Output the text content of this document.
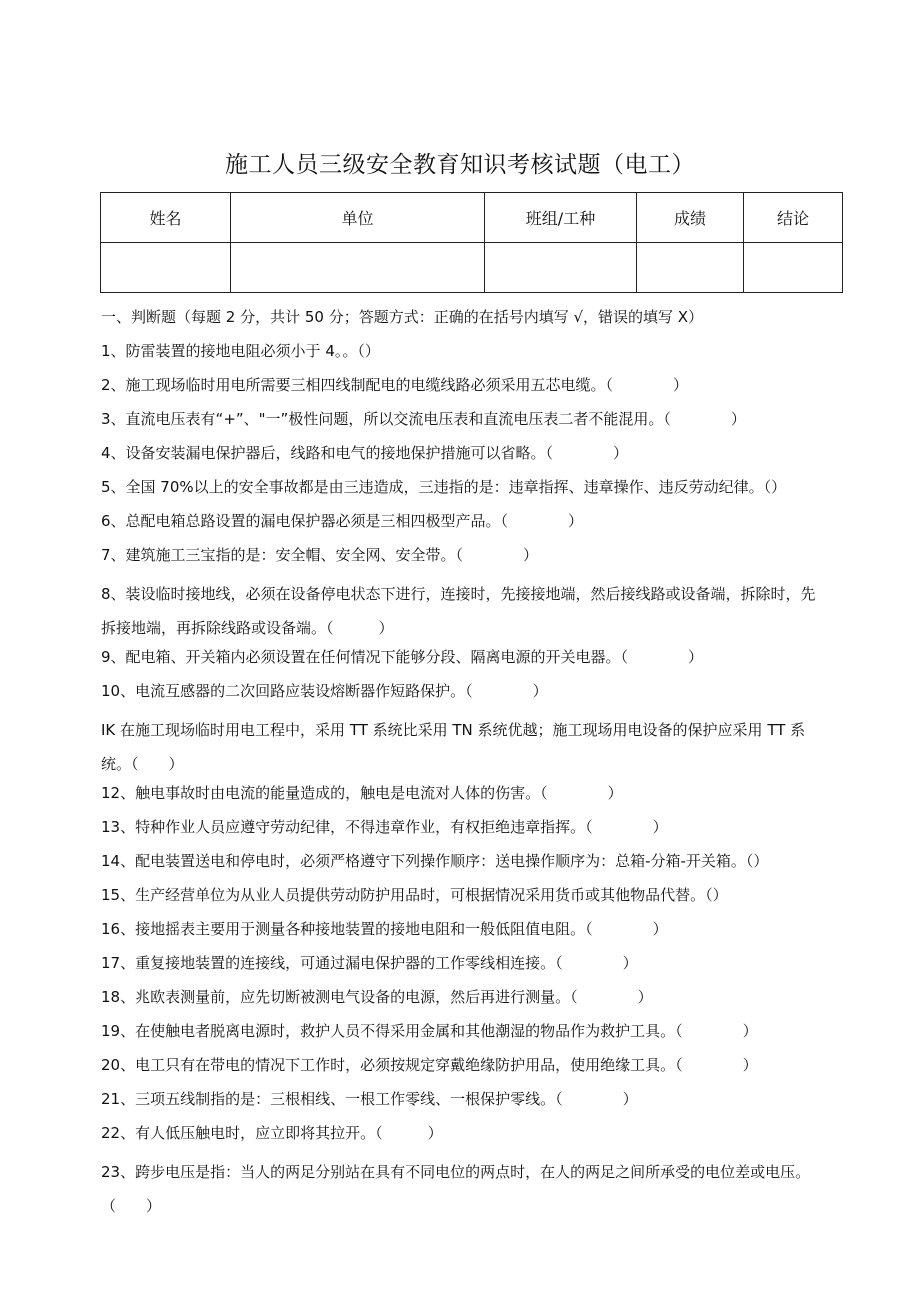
施工人员三级安全教育知识考核试题（电工）
姓名	单位	班组/工种	成绩	结论

一、判断题（每题 2 分，共计 50 分；答题方式：正确的在括号内填写 √，错误的填写 X）
1、防雷装置的接地电阻必须小于 4。。（）
2、施工现场临时用电所需要三相四线制配电的电缆线路必须采用五芯电缆。（　　　　）
3、直流电压表有“+”、"一”极性问题，所以交流电压表和直流电压表二者不能混用。（　　　　）
4、设备安装漏电保护器后，线路和电气的接地保护措施可以省略。（　　　　）
5、全国 70%以上的安全事故都是由三违造成，三违指的是：违章指挥、违章操作、违反劳动纪律。（）
6、总配电箱总路设置的漏电保护器必须是三相四极型产品。（　　　　）
7、建筑施工三宝指的是：安全帽、安全网、安全带。（　　　　）
8、装设临时接地线，必须在设备停电状态下进行，连接时，先接接地端，然后接线路或设备端，拆除时，先拆接地端，再拆除线路或设备端。（　　　）
9、配电箱、开关箱内必须设置在任何情况下能够分段、隔离电源的开关电器。（　　　　）
10、电流互感器的二次回路应装设熔断器作短路保护。（　　　　）
IK 在施工现场临时用电工程中，采用 TT 系统比采用 TN 系统优越；施工现场用电设备的保护应采用 TT 系统。（　　）
12、触电事故时由电流的能量造成的，触电是电流对人体的伤害。（　　　　）
13、特种作业人员应遵守劳动纪律，不得违章作业，有权拒绝违章指挥。（　　　　）
14、配电装置送电和停电时，必须严格遵守下列操作顺序：送电操作顺序为：总箱-分箱-开关箱。（）
15、生产经营单位为从业人员提供劳动防护用品时，可根据情况采用货币或其他物品代替。（）
16、接地摇表主要用于测量各种接地装置的接地电阻和一般低阻值电阻。（　　　　）
17、重复接地装置的连接线，可通过漏电保护器的工作零线相连接。（　　　　）
18、兆欧表测量前，应先切断被测电气设备的电源，然后再进行测量。（　　　　）
19、在使触电者脱离电源时，救护人员不得采用金属和其他潮湿的物品作为救护工具。（　　　　）
20、电工只有在带电的情况下工作时，必须按规定穿戴绝缘防护用品，使用绝缘工具。（　　　　）
21、三项五线制指的是：三根相线、一根工作零线、一根保护零线。（　　　　）
22、有人低压触电时，应立即将其拉开。（　　　）
23、跨步电压是指：当人的两足分别站在具有不同电位的两点时，在人的两足之间所承受的电位差或电压。（　　）
